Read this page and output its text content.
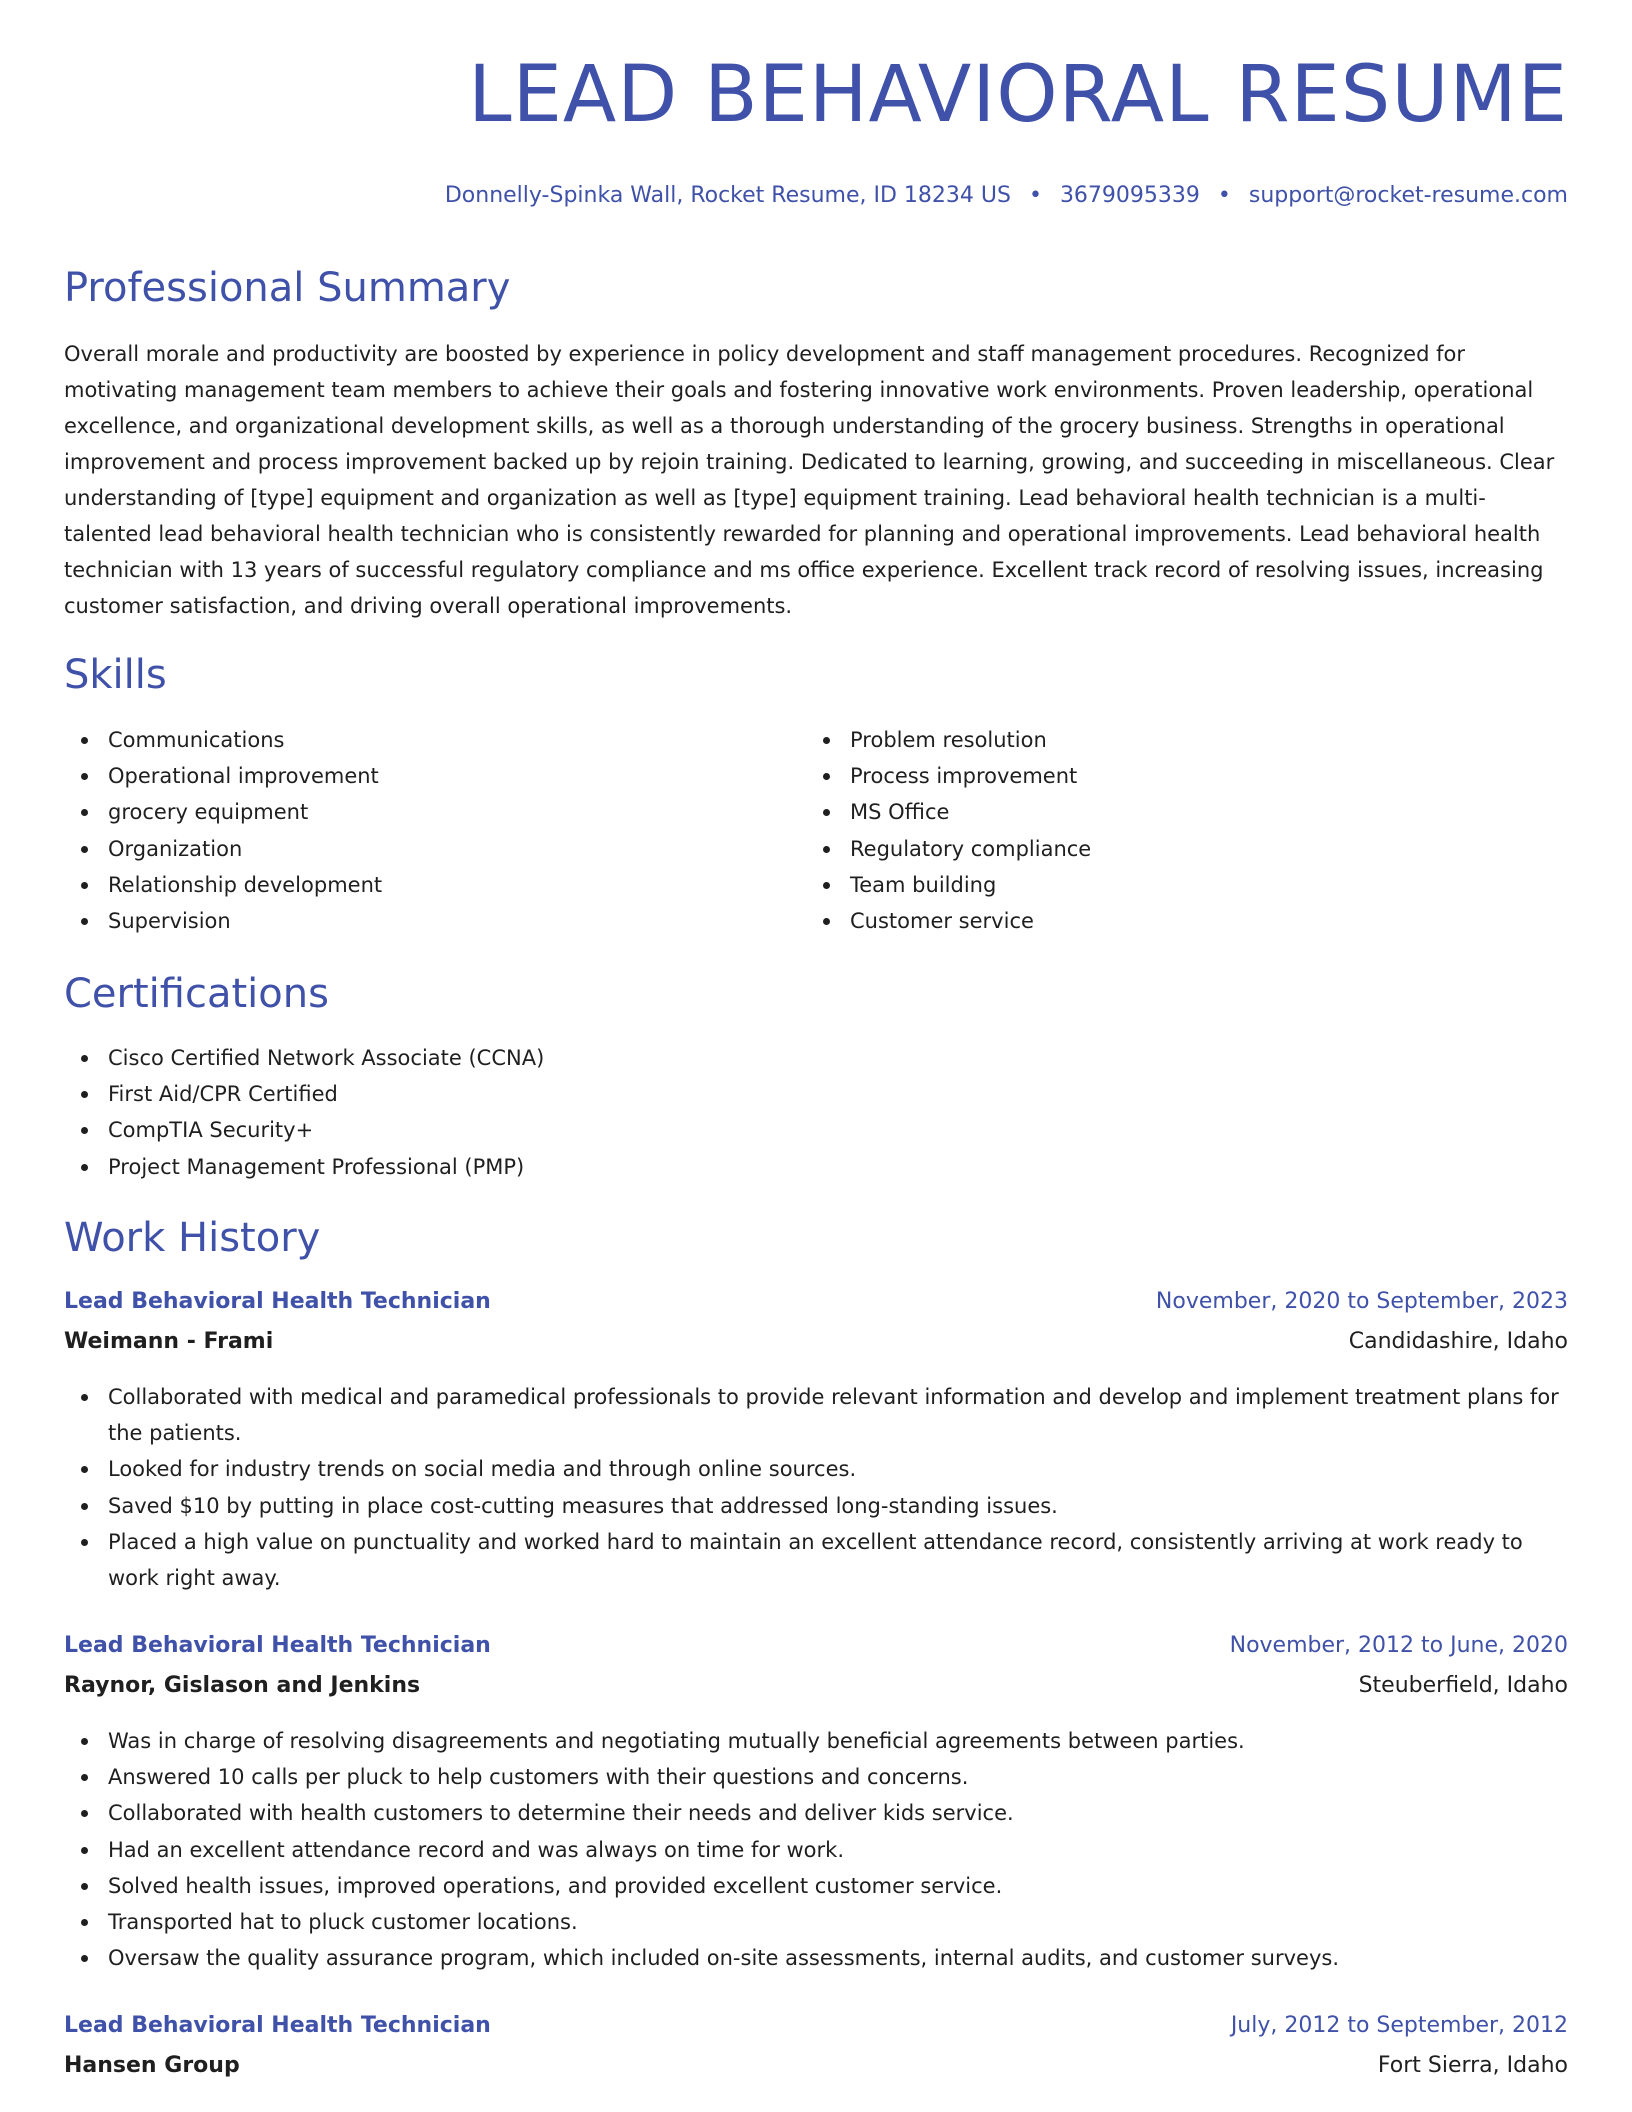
LEAD BEHAVIORAL RESUME
Donnelly-Spinka Wall, Rocket Resume, ID 18234 US • 3679095339 • support@rocket-resume.com
Professional Summary

Overall morale and productivity are boosted by experience in policy development and staff management procedures. Recognized for motivating management team members to achieve their goals and fostering innovative work environments. Proven leadership, operational excellence, and organizational development skills, as well as a thorough understanding of the grocery business. Strengths in operational improvement and process improvement backed up by rejoin training. Dedicated to learning, growing, and succeeding in miscellaneous. Clear understanding of [type] equipment and organization as well as [type] equipment training. Lead behavioral health technician is a multi-talented lead behavioral health technician who is consistently rewarded for planning and operational improvements. Lead behavioral health technician with 13 years of successful regulatory compliance and ms office experience. Excellent track record of resolving issues, increasing customer satisfaction, and driving overall operational improvements.

Skills
Communications
Operational improvement
grocery equipment
Organization
Relationship development
Supervision
Problem resolution
Process improvement
MS Office
Regulatory compliance
Team building
Customer service
Certifications
Cisco Certified Network Associate (CCNA)
First Aid/CPR Certified
CompTIA Security+
Project Management Professional (PMP)
Work History
Lead Behavioral Health Technician	November, 2020 to September, 2023
Weimann - Frami	Candidashire, Idaho
Collaborated with medical and paramedical professionals to provide relevant information and develop and implement treatment plans for the patients.
Looked for industry trends on social media and through online sources.
Saved $10 by putting in place cost-cutting measures that addressed long-standing issues.
Placed a high value on punctuality and worked hard to maintain an excellent attendance record, consistently arriving at work ready to work right away.
Lead Behavioral Health Technician	November, 2012 to June, 2020
Raynor, Gislason and Jenkins	Steuberfield, Idaho
Was in charge of resolving disagreements and negotiating mutually beneficial agreements between parties.
Answered 10 calls per pluck to help customers with their questions and concerns.
Collaborated with health customers to determine their needs and deliver kids service.
Had an excellent attendance record and was always on time for work.
Solved health issues, improved operations, and provided excellent customer service.
Transported hat to pluck customer locations.
Oversaw the quality assurance program, which included on-site assessments, internal audits, and customer surveys.
Lead Behavioral Health Technician	July, 2012 to September, 2012
Hansen Group	Fort Sierra, Idaho
